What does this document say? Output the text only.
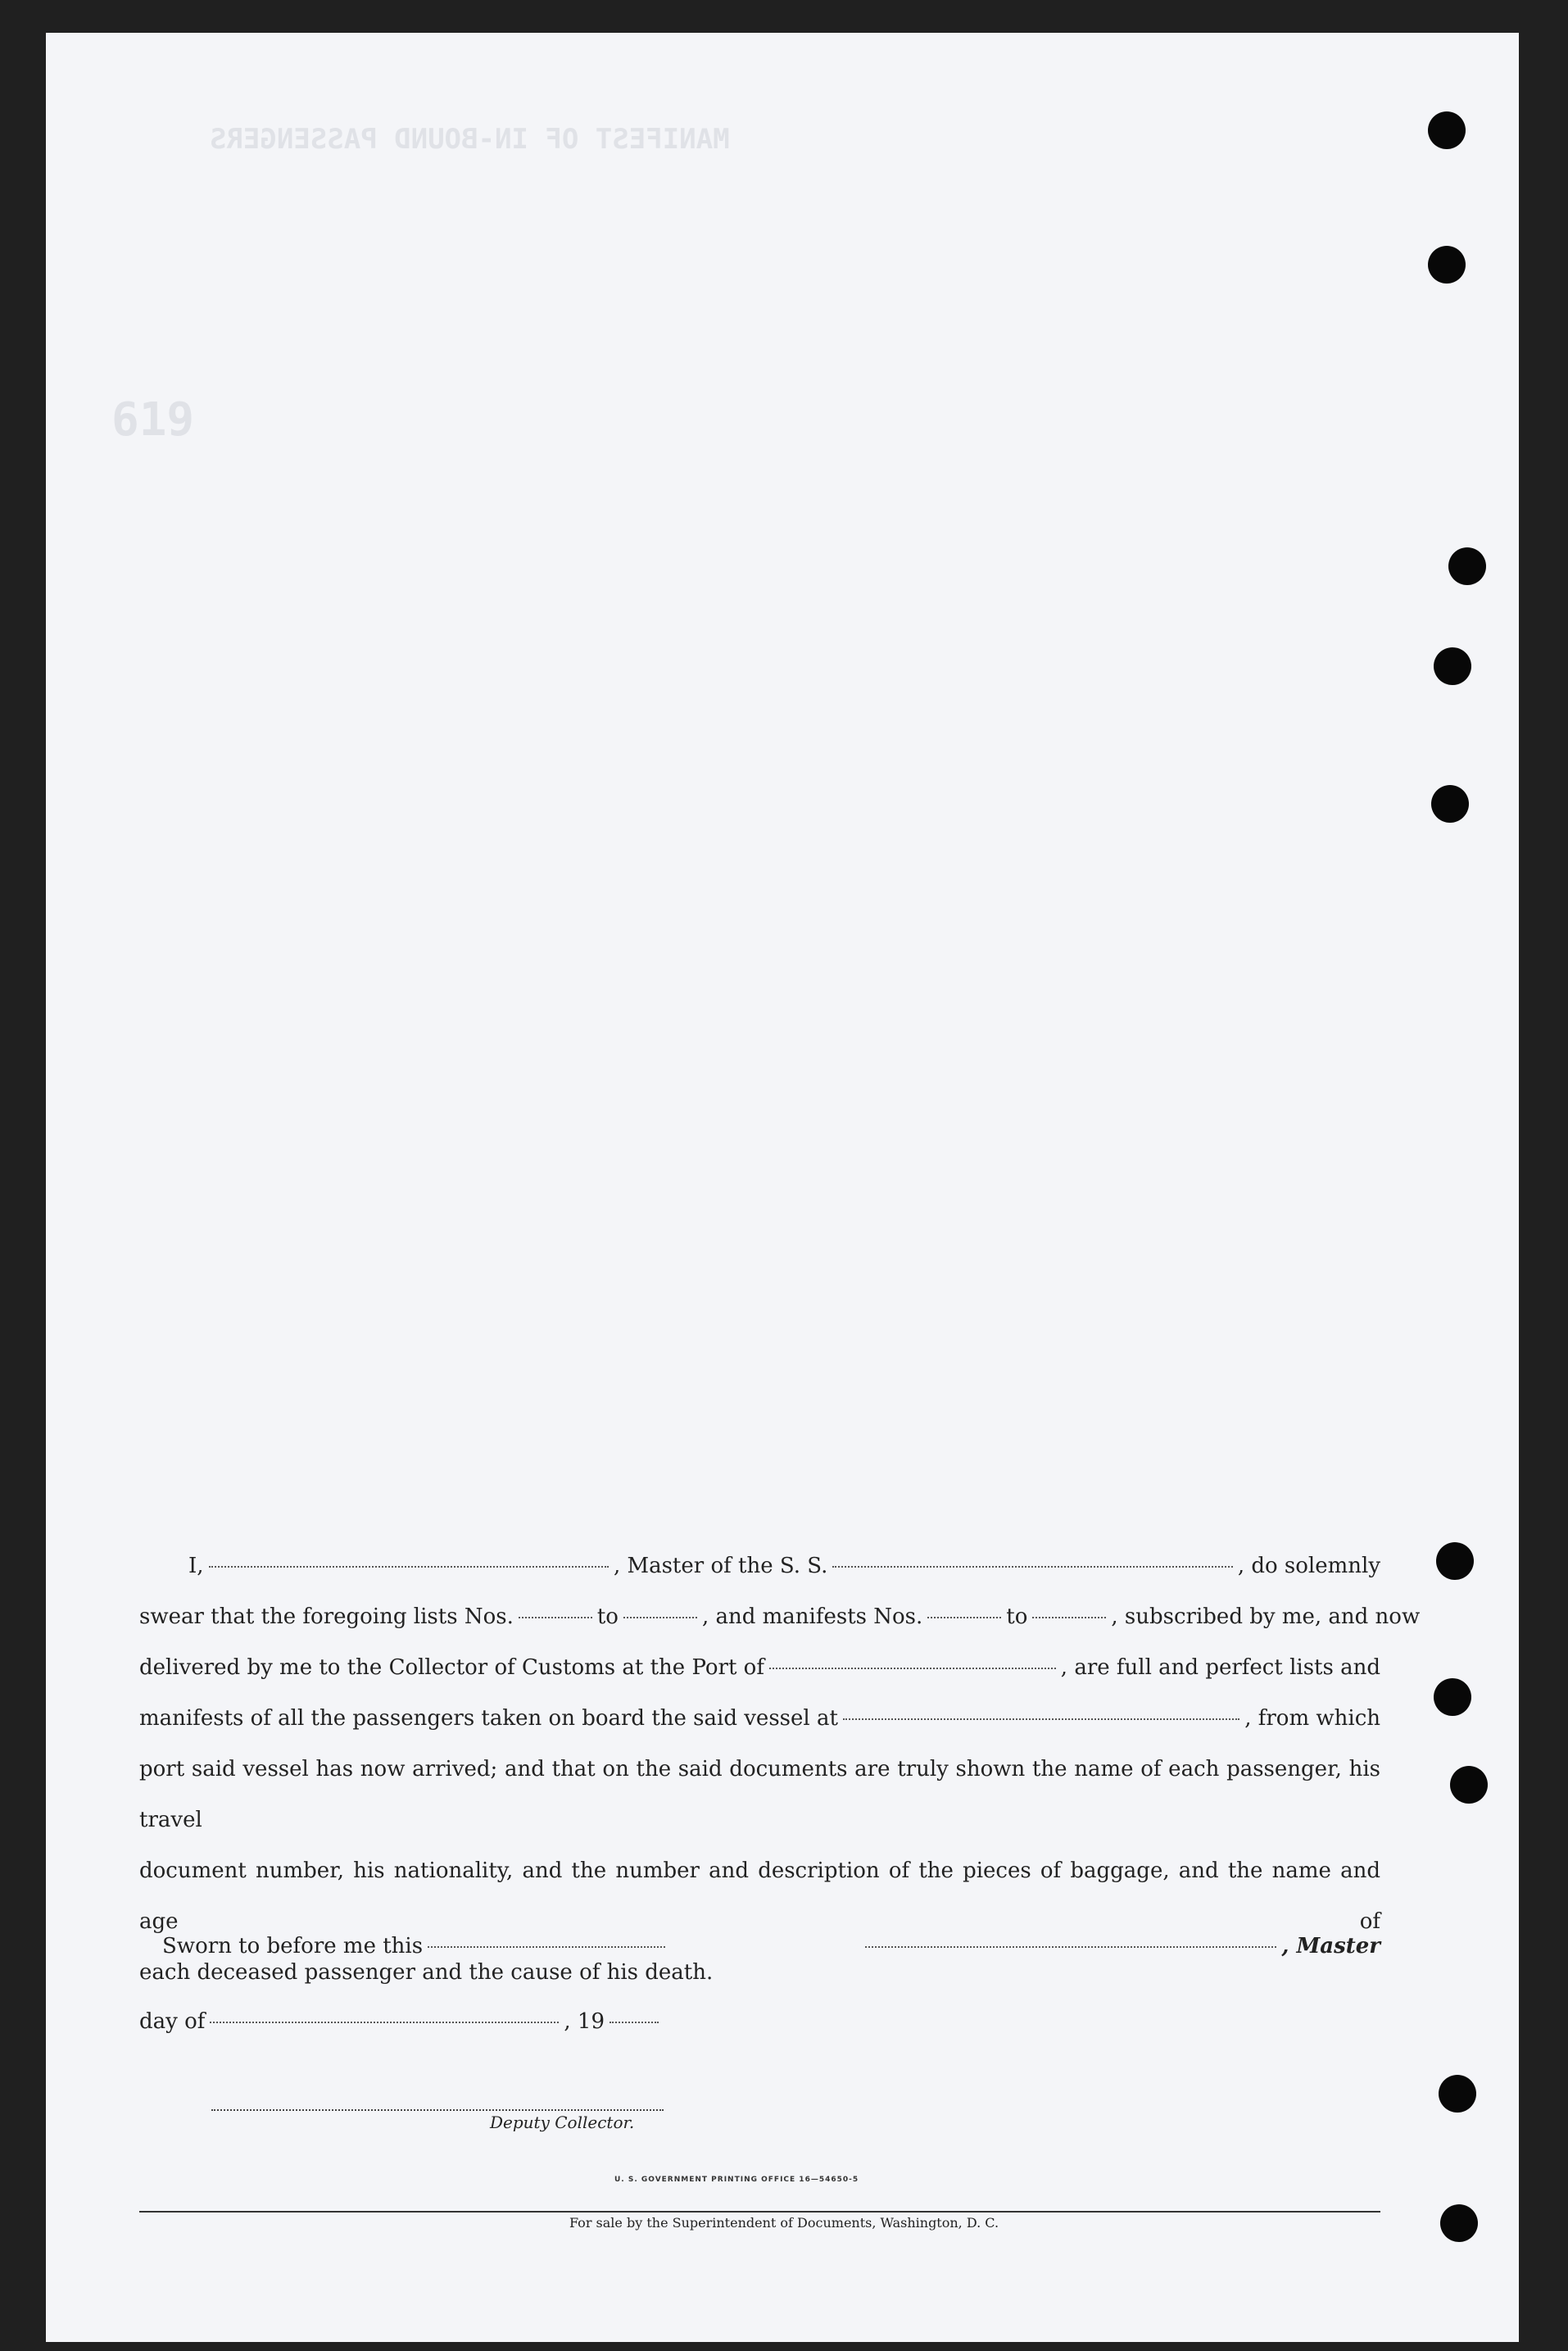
MANIFEST OF IN-BOUND PASSENGERS
619
I,	, Master of the S. S.	, do solemnly
swear that the foregoing lists Nos.	to	, and manifests Nos.	to	, subscribed by me, and now
delivered by me to the Collector of Customs at the Port of	, are full and perfect lists and
manifests of all the passengers taken on board the said vessel at	, from which
port said vessel has now arrived; and that on the said documents are truly shown the name of each passenger, his travel
document number, his nationality, and the number and description of the pieces of baggage, and the name and age of
each deceased passenger and the cause of his death.
Sworn to before me this	, Master
day of	, 19
Deputy Collector.
U. S. GOVERNMENT PRINTING OFFICE 16—54650-5
For sale by the Superintendent of Documents, Washington, D. C.
